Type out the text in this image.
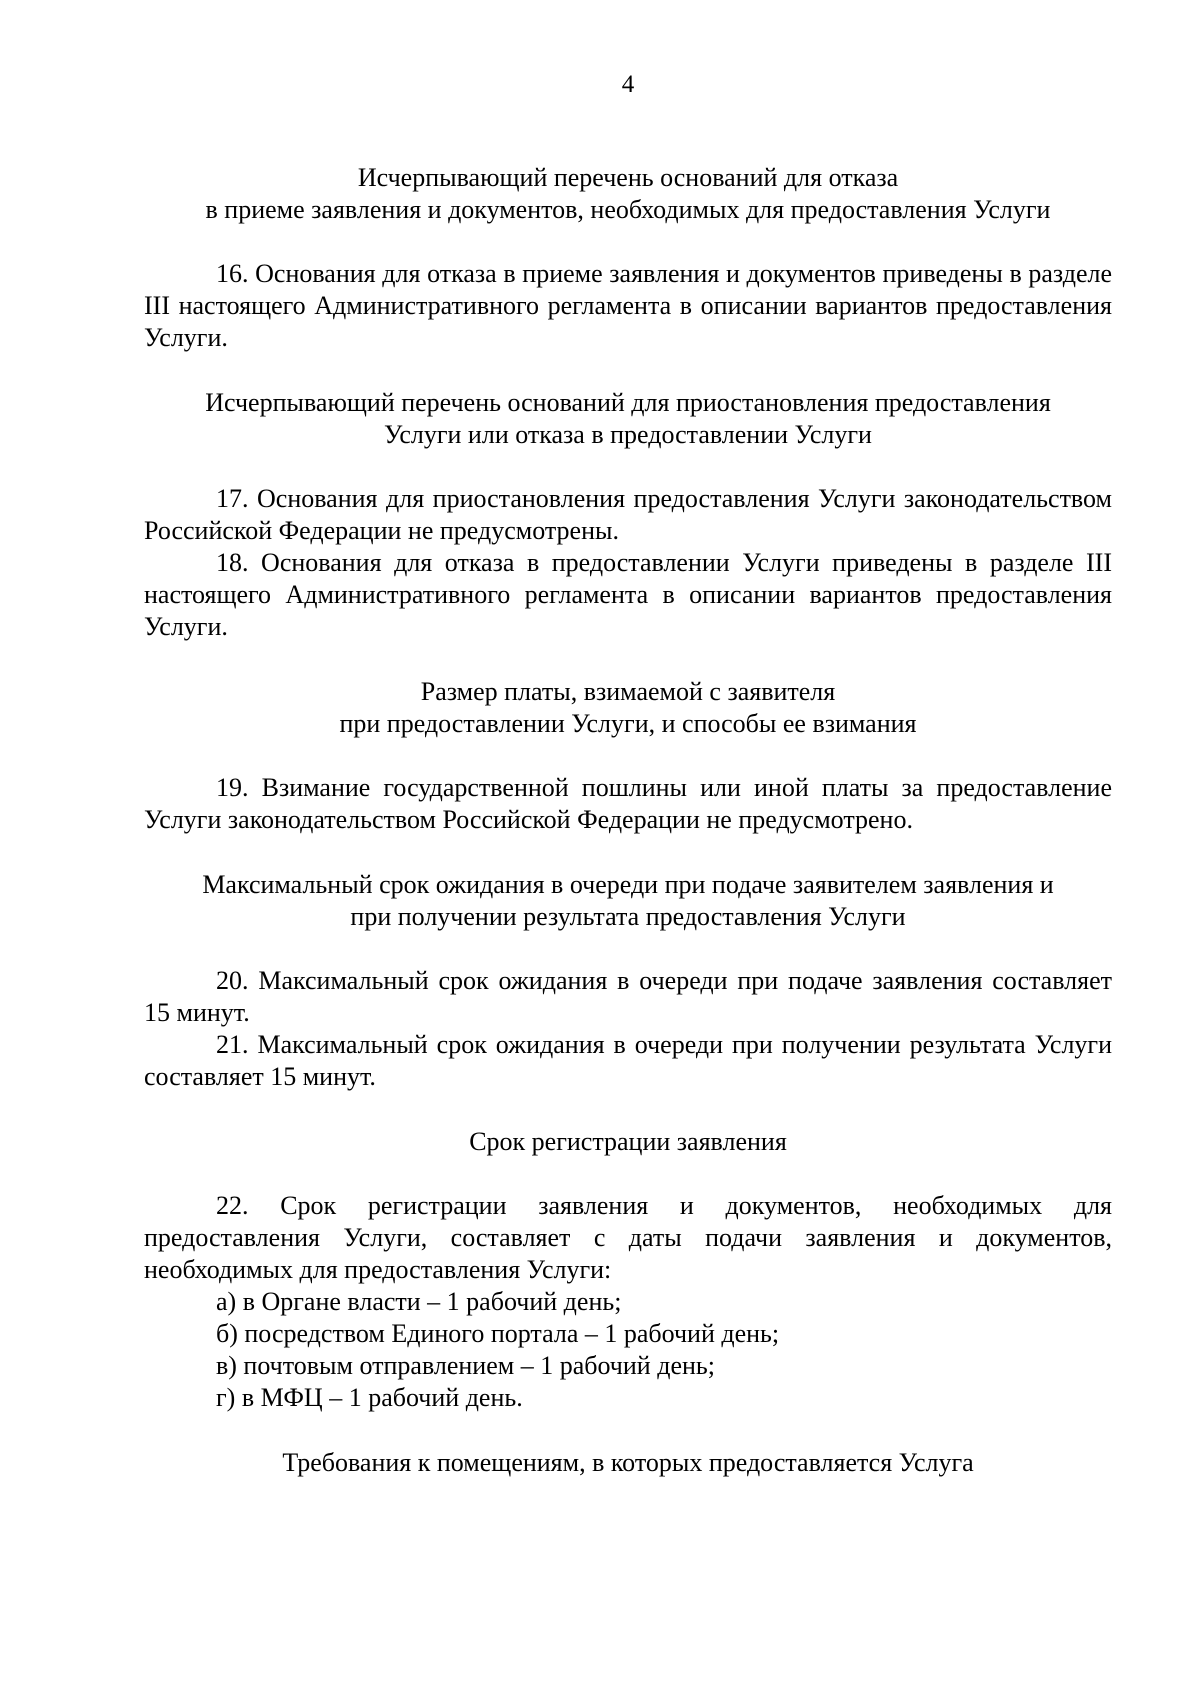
4
Исчерпывающий перечень оснований для отказа
в приеме заявления и документов, необходимых для предоставления Услуги

16. Основания для отказа в приеме заявления и документов приведены в разделе III настоящего Административного регламента в описании вариантов предоставления Услуги.

Исчерпывающий перечень оснований для приостановления предоставления
Услуги или отказа в предоставлении Услуги

17. Основания для приостановления предоставления Услуги законодательством Российской Федерации не предусмотрены.

18. Основания для отказа в предоставлении Услуги приведены в разделе III настоящего Административного регламента в описании вариантов предоставления Услуги.

Размер платы, взимаемой с заявителя
при предоставлении Услуги, и способы ее взимания

19. Взимание государственной пошлины или иной платы за предоставление Услуги законодательством Российской Федерации не предусмотрено.

Максимальный срок ожидания в очереди при подаче заявителем заявления и
при получении результата предоставления Услуги

20. Максимальный срок ожидания в очереди при подаче заявления составляет 15 минут.

21. Максимальный срок ожидания в очереди при получении результата Услуги составляет 15 минут.

Срок регистрации заявления

22. Срок регистрации заявления и документов, необходимых для предоставления Услуги, составляет с даты подачи заявления и документов, необходимых для предоставления Услуги:

а) в Органе власти – 1 рабочий день;

б) посредством Единого портала – 1 рабочий день;

в) почтовым отправлением – 1 рабочий день;

г) в МФЦ – 1 рабочий день.

Требования к помещениям, в которых предоставляется Услуга
